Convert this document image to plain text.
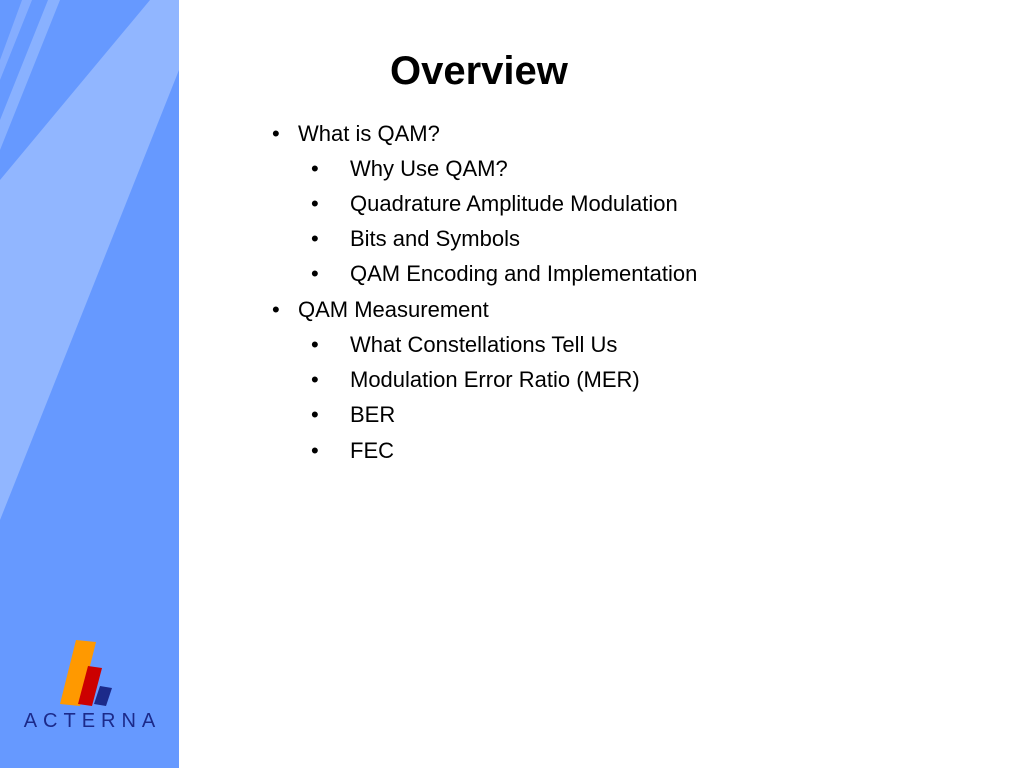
ACTERNA
Overview
• What is QAM?
• Why Use QAM?
• Quadrature Amplitude Modulation
• Bits and Symbols
• QAM Encoding and Implementation
• QAM Measurement
• What Constellations Tell Us
• Modulation Error Ratio (MER)
• BER
• FEC
